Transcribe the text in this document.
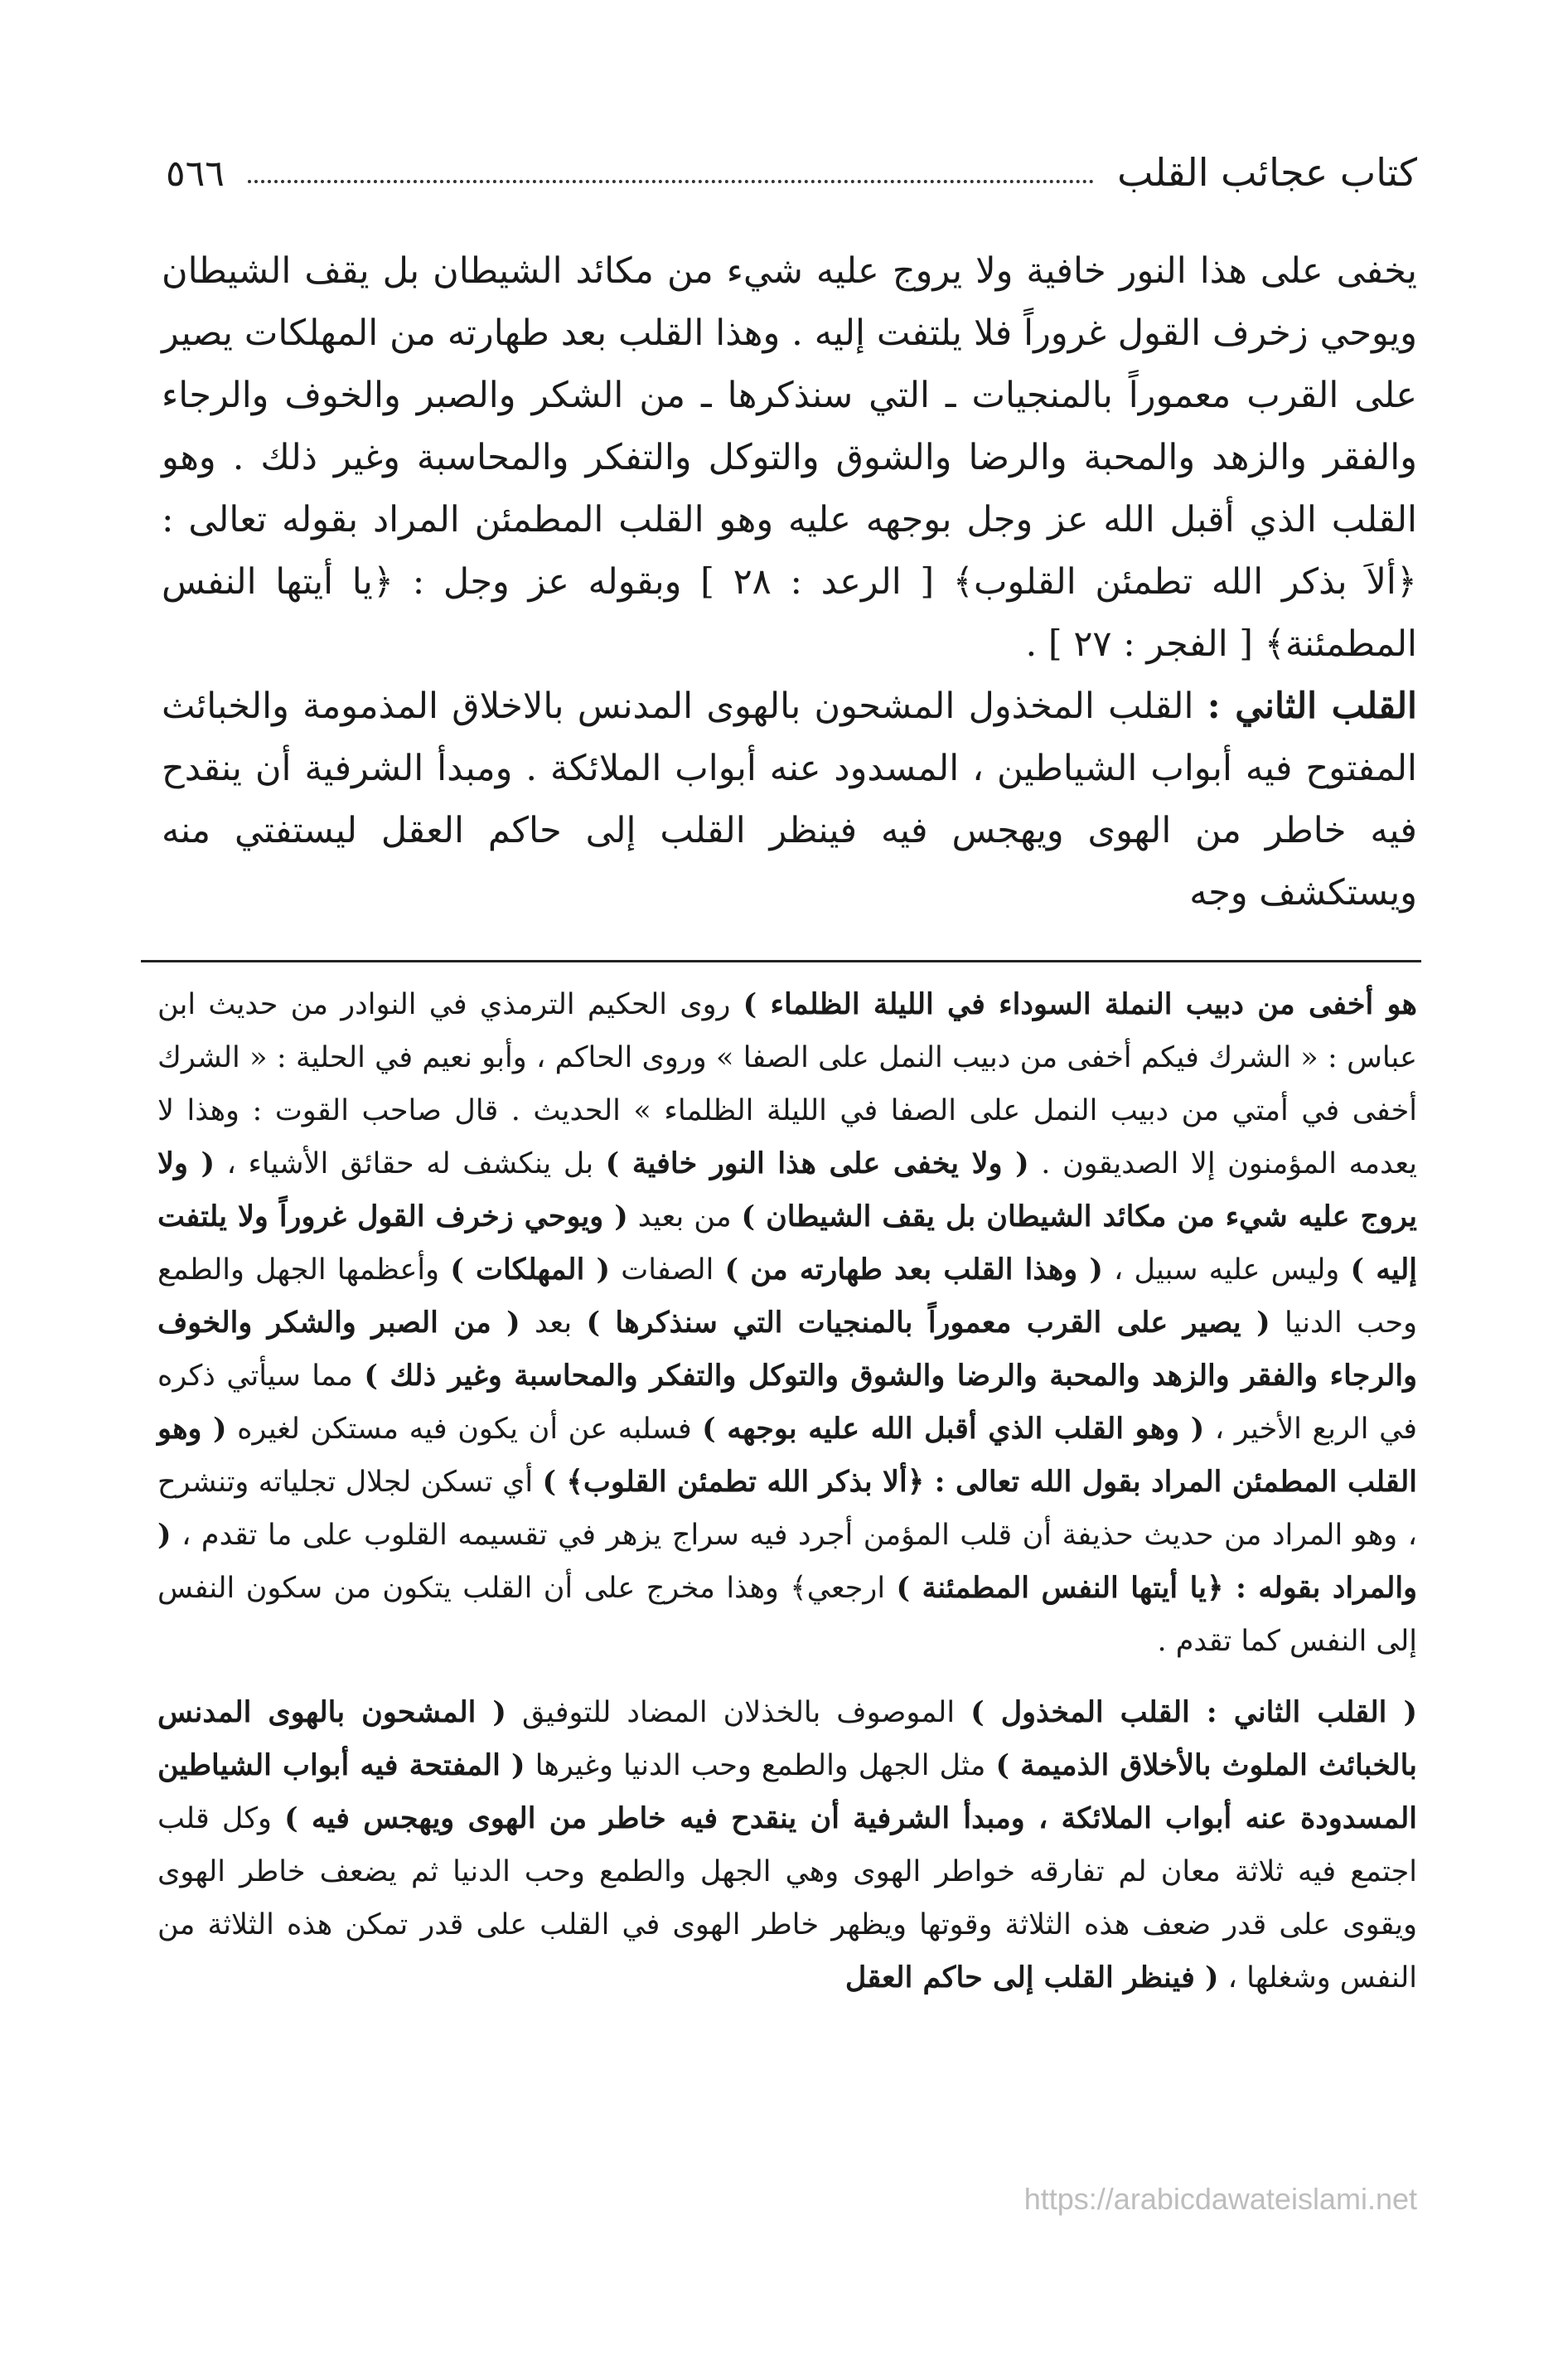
كتاب عجائب القلب
٥٦٦

يخفى على هذا النور خافية ولا يروج عليه شيء من مكائد الشيطان بل يقف الشيطان ويوحي زخرف القول غروراً فلا يلتفت إليه . وهذا القلب بعد طهارته من المهلكات يصير على القرب معموراً بالمنجيات ـ التي سنذكرها ـ من الشكر والصبر والخوف والرجاء والفقر والزهد والمحبة والرضا والشوق والتوكل والتفكر والمحاسبة وغير ذلك . وهو القلب الذي أقبل الله عز وجل بوجهه عليه وهو القلب المطمئن المراد بقوله تعالى : ﴿ألاَ بذكر الله تطمئن القلوب﴾ [ الرعد : ٢٨ ] وبقوله عز وجل : ﴿يا أيتها النفس المطمئنة﴾ [ الفجر : ٢٧ ] .

القلب الثاني : القلب المخذول المشحون بالهوى المدنس بالاخلاق المذمومة والخبائث المفتوح فيه أبواب الشياطين ، المسدود عنه أبواب الملائكة . ومبدأ الشرفية أن ينقدح فيه خاطر من الهوى ويهجس فيه فينظر القلب إلى حاكم العقل ليستفتي منه ويستكشف وجه

هو أخفى من دبيب النملة السوداء في الليلة الظلماء ) روى الحكيم الترمذي في النوادر من حديث ابن عباس : « الشرك فيكم أخفى من دبيب النمل على الصفا » وروى الحاكم ، وأبو نعيم في الحلية : « الشرك أخفى في أمتي من دبيب النمل على الصفا في الليلة الظلماء » الحديث . قال صاحب القوت : وهذا لا يعدمه المؤمنون إلا الصديقون . ( ولا يخفى على هذا النور خافية ) بل ينكشف له حقائق الأشياء ، ( ولا يروج عليه شيء من مكائد الشيطان بل يقف الشيطان ) من بعيد ( ويوحي زخرف القول غروراً ولا يلتفت إليه ) وليس عليه سبيل ، ( وهذا القلب بعد طهارته من ) الصفات ( المهلكات ) وأعظمها الجهل والطمع وحب الدنيا ( يصير على القرب معموراً بالمنجيات التي سنذكرها ) بعد ( من الصبر والشكر والخوف والرجاء والفقر والزهد والمحبة والرضا والشوق والتوكل والتفكر والمحاسبة وغير ذلك ) مما سيأتي ذكره في الربع الأخير ، ( وهو القلب الذي أقبل الله عليه بوجهه ) فسلبه عن أن يكون فيه مستكن لغيره ( وهو القلب المطمئن المراد بقول الله تعالى : ﴿ألا بذكر الله تطمئن القلوب﴾ ) أي تسكن لجلال تجلياته وتنشرح ، وهو المراد من حديث حذيفة أن قلب المؤمن أجرد فيه سراج يزهر في تقسيمه القلوب على ما تقدم ، ( والمراد بقوله : ﴿يا أيتها النفس المطمئنة ) ارجعي﴾ وهذا مخرج على أن القلب يتكون من سكون النفس إلى النفس كما تقدم .

( القلب الثاني : القلب المخذول ) الموصوف بالخذلان المضاد للتوفيق ( المشحون بالهوى المدنس بالخبائث الملوث بالأخلاق الذميمة ) مثل الجهل والطمع وحب الدنيا وغيرها ( المفتحة فيه أبواب الشياطين المسدودة عنه أبواب الملائكة ، ومبدأ الشرفية أن ينقدح فيه خاطر من الهوى ويهجس فيه ) وكل قلب اجتمع فيه ثلاثة معان لم تفارقه خواطر الهوى وهي الجهل والطمع وحب الدنيا ثم يضعف خاطر الهوى ويقوى على قدر ضعف هذه الثلاثة وقوتها ويظهر خاطر الهوى في القلب على قدر تمكن هذه الثلاثة من النفس وشغلها ، ( فينظر القلب إلى حاكم العقل

https://arabicdawateislami.net
